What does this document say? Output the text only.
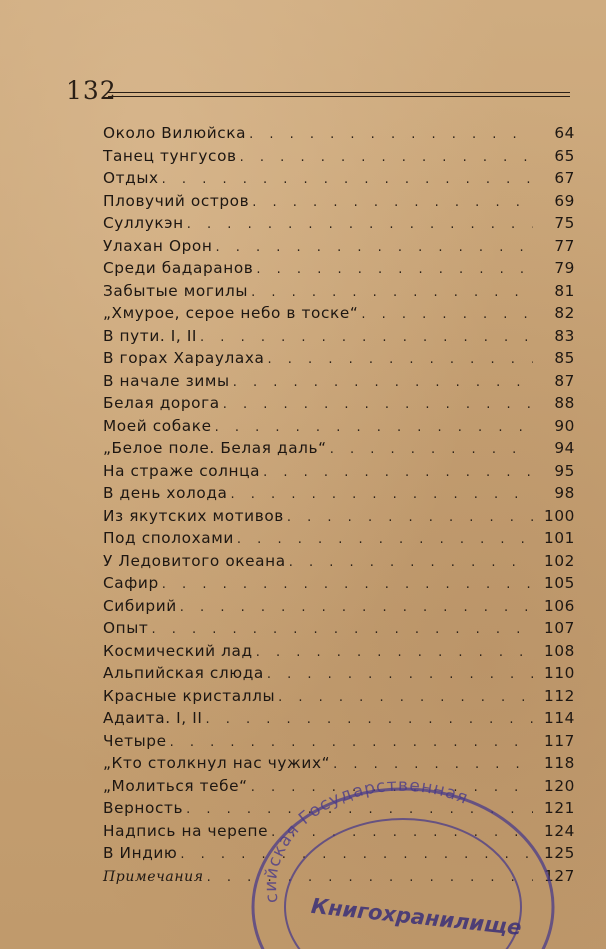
132
Около Вилюйска . . .	64
Танец тунгусов . . .	65
Отдых . . .	67
Пловучий остров . . .	69
Суллукэн . . .	75
Улахан Орон . . .	77
Среди бадаранов . . .	79
Забытые могилы . . .	81
„Хмурое, серое небо в тоске“ . . .	82
В пути. I, II . . .	83
В горах Харaулаха . . .	85
В начале зимы . . .	87
Белая дорога . . .	88
Моей собаке . . .	90
„Белое поле. Белая даль“ . . .	94
На страже солнца . . .	95
В день холода . . .	98
Из якутских мотивов . . .	100
Под сполохами . . .	101
У Ледовитого океана . . .	102
Сафир . . .	105
Сибирий . . .	106
Опыт . . .	107
Космический лад . . .	108
Альпийская слюда . . .	110
Красные кристаллы . . .	112
Адаита. I, II . . .	114
Четыре . . .	117
„Кто столкнул нас чужих“ . . .	118
„Молиться тебе“ . . .	120
Верность . . .	121
Надпись на черепе . . .	124
В Индию . . .	125
Примечания . . .	127
сийская Государственная
Книгохранилище
